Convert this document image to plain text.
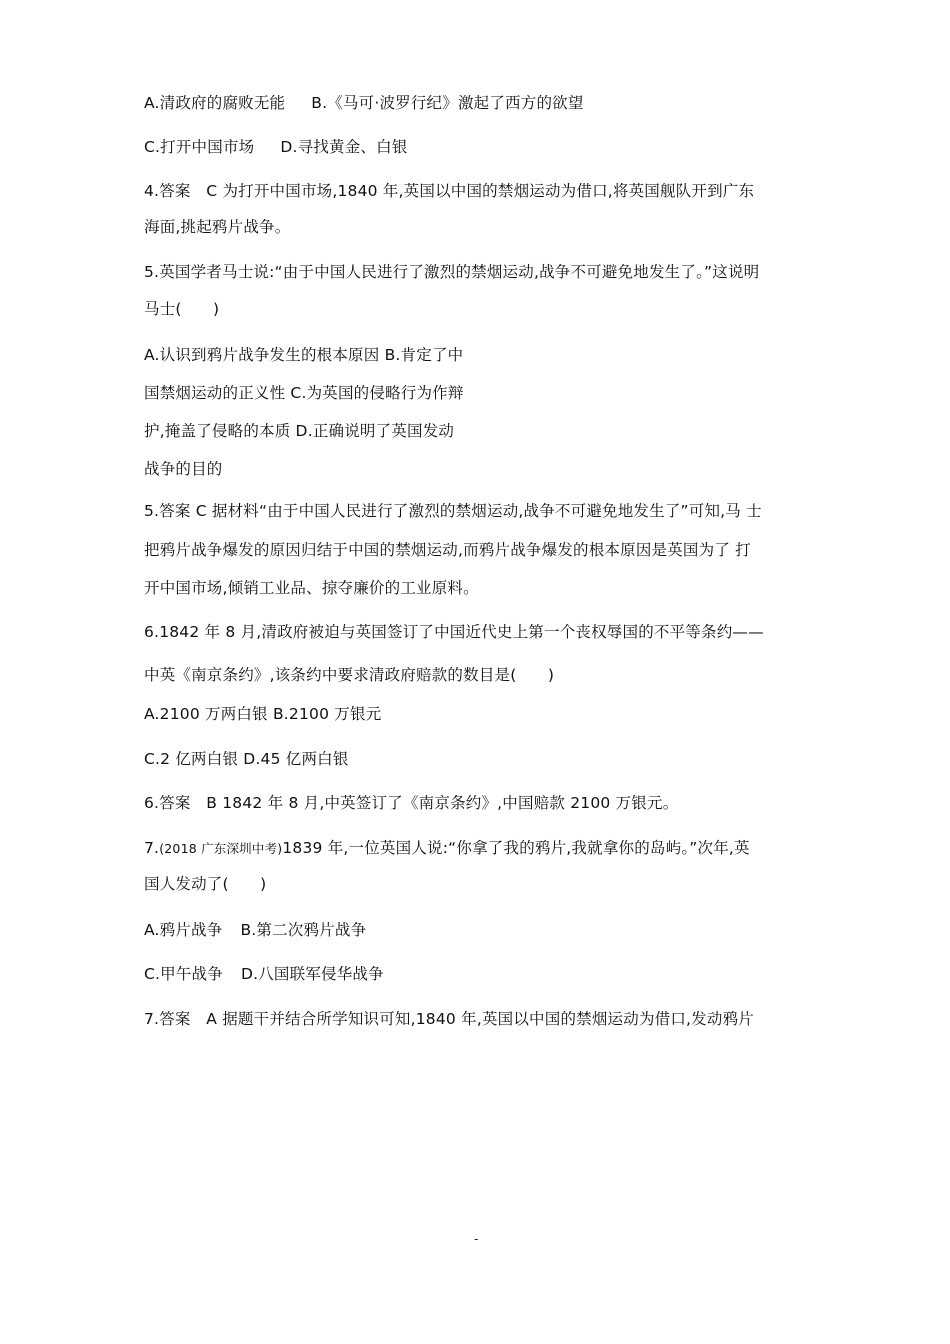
A.清政府的腐败无能 B.《马可·波罗行纪》激起了西方的欲望
C.打开中国市场 D.寻找黄金、白银
4.答案　C 为打开中国市场,1840 年,英国以中国的禁烟运动为借口,将英国舰队开到广东
海面,挑起鸦片战争。
5.英国学者马士说:“由于中国人民进行了激烈的禁烟运动,战争不可避免地发生了。”这说明
马士(　　)
A.认识到鸦片战争发生的根本原因 B.肯定了中
国禁烟运动的正义性 C.为英国的侵略行为作辩
护,掩盖了侵略的本质 D.正确说明了英国发动
战争的目的
5.答案 C 据材料“由于中国人民进行了激烈的禁烟运动,战争不可避免地发生了”可知,马 士
把鸦片战争爆发的原因归结于中国的禁烟运动,而鸦片战争爆发的根本原因是英国为了 打
开中国市场,倾销工业品、掠夺廉价的工业原料。
6.1842 年 8 月,清政府被迫与英国签订了中国近代史上第一个丧权辱国的不平等条约——
中英《南京条约》,该条约中要求清政府赔款的数目是(　　)
A.2100 万两白银 B.2100 万银元
C.2 亿两白银 D.45 亿两白银
6.答案　B 1842 年 8 月,中英签订了《南京条约》,中国赔款 2100 万银元。
7.(2018 广东深圳中考)1839 年,一位英国人说:“你拿了我的鸦片,我就拿你的岛屿。”次年,英
国人发动了(　　)
A.鸦片战争 B.第二次鸦片战争
C.甲午战争 D.八国联军侵华战争
7.答案　A 据题干并结合所学知识可知,1840 年,英国以中国的禁烟运动为借口,发动鸦片
-
